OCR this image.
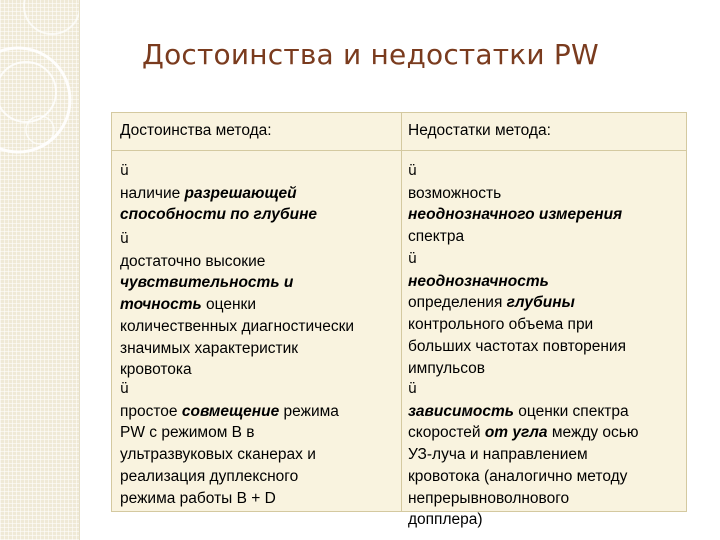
Достоинства и недостатки PW
Достоинства метода:	Недостатки метода:
ü
наличие разрешающей
способности по глубине
ü
достаточно высокие
чувствительность и
точность оценки
количественных диагностически
значимых характеристик
кровотока
ü
простое совмещение режима
PW с режимом В в
ультразвуковых сканерах и
реализация дуплексного
режима работы В + D
ü
возможность
неоднозначного измерения
спектра
ü
неоднозначность
определения глубины
контрольного объема при
больших частотах повторения
импульсов
ü
зависимость оценки спектра
скоростей от угла между осью
УЗ-луча и направлением
кровотока (аналогично методу
непрерывноволнового
допплера)
